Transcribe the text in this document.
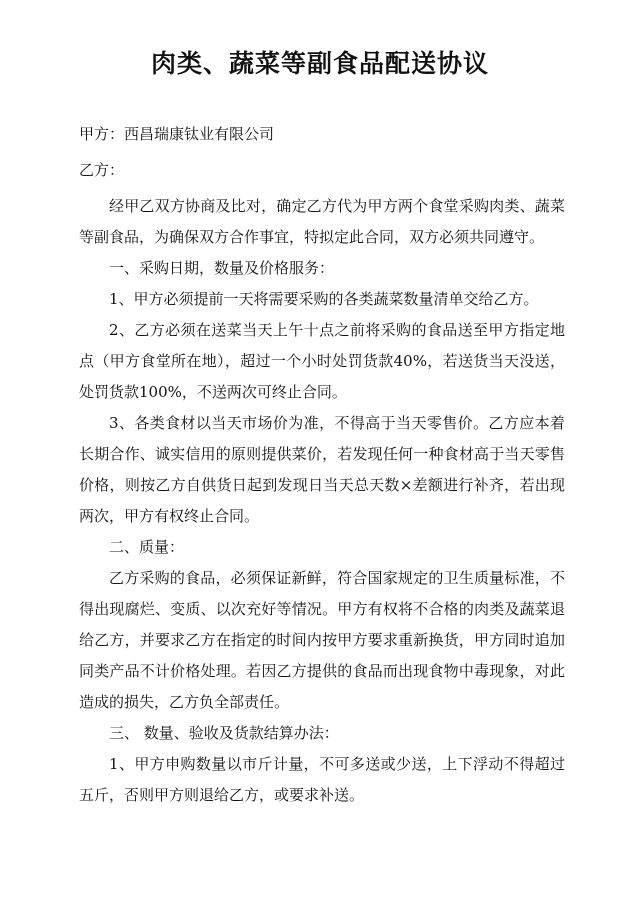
肉类、蔬菜等副食品配送协议

甲方：西昌瑞康钛业有限公司

乙方：

经甲乙双方协商及比对，确定乙方代为甲方两个食堂采购肉类、蔬菜等副食品，为确保双方合作事宜，特拟定此合同，双方必须共同遵守。

一、采购日期，数量及价格服务：

1、甲方必须提前一天将需要采购的各类蔬菜数量清单交给乙方。

2、乙方必须在送菜当天上午十点之前将采购的食品送至甲方指定地点（甲方食堂所在地），超过一个小时处罚货款40%，若送货当天没送，处罚货款100%，不送两次可终止合同。

3、各类食材以当天市场价为准，不得高于当天零售价。乙方应本着长期合作、诚实信用的原则提供菜价，若发现任何一种食材高于当天零售价格，则按乙方自供货日起到发现日当天总天数×差额进行补齐，若出现两次，甲方有权终止合同。

二、质量：

乙方采购的食品，必须保证新鲜，符合国家规定的卫生质量标准，不得出现腐烂、变质、以次充好等情况。甲方有权将不合格的肉类及蔬菜退给乙方，并要求乙方在指定的时间内按甲方要求重新换货，甲方同时追加同类产品不计价格处理。若因乙方提供的食品而出现食物中毒现象，对此造成的损失，乙方负全部责任。

三、 数量、验收及货款结算办法：

1、甲方申购数量以市斤计量，不可多送或少送，上下浮动不得超过五斤，否则甲方则退给乙方，或要求补送。
